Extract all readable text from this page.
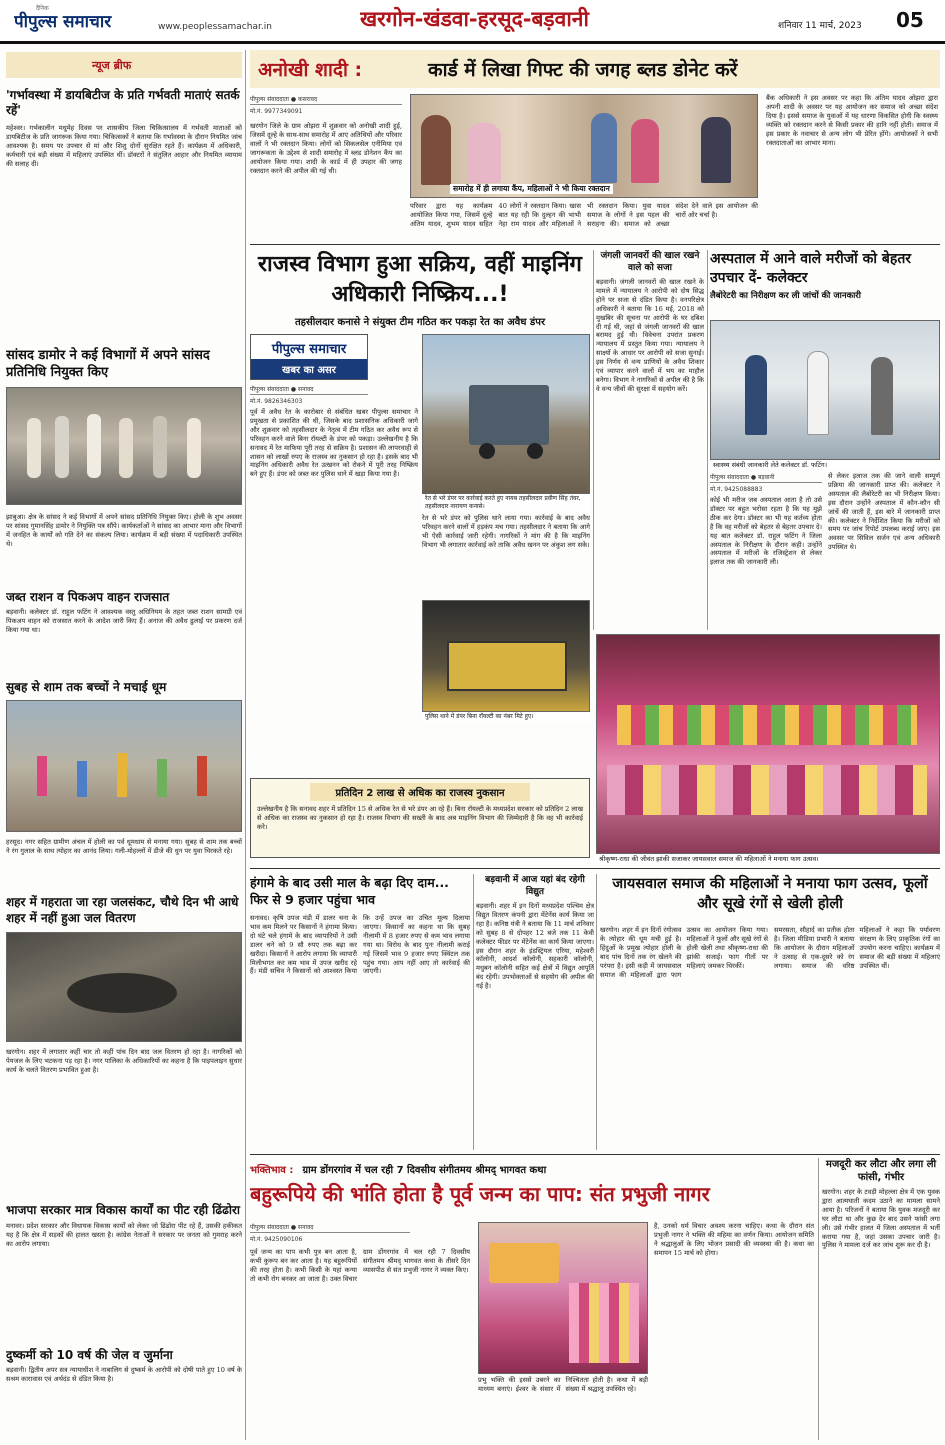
दैनिक
पीपुल्स समाचार	www.peoplessamachar.in	खरगोन-खंडवा-हरसूद-बड़वानी	शनिवार 11 मार्च, 2023 05
न्यूज ब्रीफ
'गर्भावस्था में डायबिटीज के प्रति गर्भवती माताएं सतर्क रहें'
महेश्वर। गर्भकालीन मधुमेह दिवस पर शासकीय जिला चिकित्सालय में गर्भवती माताओं को डायबिटीज के प्रति जागरूक किया गया। चिकित्सकों ने बताया कि गर्भावस्था के दौरान नियमित जांच आवश्यक है। समय पर उपचार से मां और शिशु दोनों सुरक्षित रहते हैं। कार्यक्रम में अधिकारी, कर्मचारी एवं बड़ी संख्या में महिलाएं उपस्थित थीं। डॉक्टरों ने संतुलित आहार और नियमित व्यायाम की सलाह दी।
सांसद डामोर ने कई विभागों में अपने सांसद प्रतिनिधि नियुक्त किए
झाबुआ। क्षेत्र के सांसद ने कई विभागों में अपने सांसद प्रतिनिधि नियुक्त किए। होली के शुभ अवसर पर सांसद गुमानसिंह डामोर ने नियुक्ति पत्र सौंपे। कार्यकर्ताओं ने सांसद का आभार माना और विभागों में जनहित के कार्यों को गति देने का संकल्प लिया। कार्यक्रम में बड़ी संख्या में पदाधिकारी उपस्थित थे।
जब्त राशन व पिकअप वाहन राजसात
बड़वानी। कलेक्टर डॉ. राहुल फटिंग ने आवश्यक वस्तु अधिनियम के तहत जब्त राशन सामग्री एवं पिकअप वाहन को राजसात करने के आदेश जारी किए हैं। अनाज की अवैध ढुलाई पर प्रकरण दर्ज किया गया था।
सुबह से शाम तक बच्चों ने मचाई धूम
हरसूद। नगर सहित ग्रामीण अंचल में होली का पर्व धूमधाम से मनाया गया। सुबह से शाम तक बच्चों ने रंग गुलाल के साथ त्योहार का आनंद लिया। गली-मोहल्लों में डीजे की धुन पर युवा थिरकते रहे।
शहर में गहराता जा रहा जलसंकट, चौथे दिन भी आधे शहर में नहीं हुआ जल वितरण
खरगोन। शहर में लगातार कहीं चार तो कहीं पांच दिन बाद जल वितरण हो रहा है। नागरिकों को पेयजल के लिए भटकना पड़ रहा है। नगर पालिका के अधिकारियों का कहना है कि पाइपलाइन सुधार कार्य के चलते वितरण प्रभावित हुआ है।
भाजपा सरकार मात्र विकास कार्यों का पीट रही ढिंढोरा
मनावर। प्रदेश सरकार और विधायक विकास कार्यों को लेकर जो ढिंढोरा पीट रहे हैं, उसकी हकीकत यह है कि क्षेत्र में सड़कों की हालत खस्ता है। कांग्रेस नेताओं ने सरकार पर जनता को गुमराह करने का आरोप लगाया।
दुष्कर्मी को 10 वर्ष की जेल व जुर्माना
बड़वानी। द्वितीय अपर सत्र न्यायाधीश ने नाबालिग से दुष्कर्म के आरोपी को दोषी पाते हुए 10 वर्ष के सश्रम कारावास एवं अर्थदंड से दंडित किया है।
अनोखी शादी :	कार्ड में लिखा गिफ्ट की जगह ब्लड डोनेट करें
पीपुल्स संवाददाता ● कसरावद
मो.नं. 9977349091
खरगोन जिले के ग्राम ओझरा में शुक्रवार को अनोखी शादी हुई, जिसमें दूल्हे के साथ-साथ समारोह में आए अतिथियों और परिवार वालों ने भी रक्तदान किया। लोगों को सिकलसेल एनीमिया एवं जागरूकता के उद्देश्य से शादी समारोह में ब्लड डोनेशन कैंप का आयोजन किया गया। शादी के कार्ड में ही उपहार की जगह रक्तदान करने की अपील की गई थी।
समारोह में ही लगाया कैंप, महिलाओं ने भी किया रक्तदान
परिवार द्वारा यह कार्यक्रम आयोजित किया गया, जिसमें दूल्हे अंतिम यादव, शुभम यादव सहित 40 लोगों ने रक्तदान किया। खास बात यह रही कि दुल्हन की भाभी नेहा राम यादव और महिलाओं ने भी रक्तदान किया। युवा यादव समाज के लोगों ने इस पहल की सराहना की। समाज को अच्छा संदेश देने वाले इस आयोजन की चारों ओर चर्चा है।
बैंक अधिकारी ने इस अवसर पर कहा कि अंतिम यादव ओझरा द्वारा अपनी शादी के अवसर पर यह आयोजन कर समाज को अच्छा संदेश दिया है। इससे समाज के युवाओं में यह धारणा विकसित होगी कि स्वस्थ्य व्यक्ति को रक्तदान करने से किसी प्रकार की हानि नहीं होती। समाज में इस प्रकार के नवाचार से अन्य लोग भी प्रेरित होंगे। आयोजकों ने सभी रक्तदाताओं का आभार माना।
राजस्व विभाग हुआ सक्रिय, वहीं माइनिंग अधिकारी निष्क्रिय...!
तहसीलदार कनासे ने संयुक्त टीम गठित कर पकड़ा रेत का अवैध डंपर
पीपुल्स समाचार
खबर का असर
पीपुल्स संवाददाता ● सनावद
मो.नं. 9826346303
पूर्व में अवैध रेत के कारोबार से संबंधित खबर पीपुल्स समाचार ने प्रमुखता से प्रकाशित की थी, जिसके बाद प्रशासनिक अधिकारी जागे और शुक्रवार को तहसीलदार के नेतृत्व में टीम गठित कर अवैध रूप से परिवहन करने वाले बिना रॉयल्टी के डंपर को पकड़ा। उल्लेखनीय है कि सनावद में रेत माफिया पूरी तरह से सक्रिय है। प्रशासन की लापरवाही से शासन को लाखों रुपए के राजस्व का नुकसान हो रहा है। इसके बाद भी माइनिंग अधिकारी अवैध रेत उत्खनन को रोकने में पूरी तरह निष्क्रिय बने हुए हैं। डंपर को जब्त कर पुलिस थाने में खड़ा किया गया है।
रेत से भरे डंपर पर कार्रवाई करते हुए नायब तहसीलदार प्रवीण सिंह तंवर, तहसीलदार नारायण कनासे।
रेत से भरे डंपर को पुलिस थाने लाया गया। कार्रवाई के बाद अवैध परिवहन करने वालों में हड़कंप मच गया। तहसीलदार ने बताया कि आगे भी ऐसी कार्रवाई जारी रहेगी। नागरिकों ने मांग की है कि माइनिंग विभाग भी लगातार कार्रवाई करे ताकि अवैध खनन पर अंकुश लग सके।
पुलिस थाने में डंपर बिना रॉयल्टी का नंबर मिटे हुए।
प्रतिदिन 2 लाख से अधिक का राजस्व नुकसान
उल्लेखनीय है कि सनावद शहर में प्रतिदिन 15 से अधिक रेत से भरे डंपर आ रहे हैं। बिना रॉयल्टी के मध्यप्रदेश सरकार को प्रतिदिन 2 लाख से अधिक का राजस्व का नुकसान हो रहा है। राजस्व विभाग की सख्ती के बाद अब माइनिंग विभाग की जिम्मेदारी है कि वह भी कार्रवाई करे।
जंगली जानवरों की खाल रखने वाले को सजा
बड़वानी। जंगली जानवरों की खाल रखने के मामले में न्यायालय ने आरोपी को दोष सिद्ध होने पर सजा से दंडित किया है। वनपरिक्षेत्र अधिकारी ने बताया कि 16 मई, 2018 को मुखबिर की सूचना पर आरोपी के घर दबिश दी गई थी, जहां से जंगली जानवरों की खाल बरामद हुई थी। विवेचना उपरांत प्रकरण न्यायालय में प्रस्तुत किया गया। न्यायालय ने साक्ष्यों के आधार पर आरोपी को सजा सुनाई। इस निर्णय से वन्य प्राणियों के अवैध शिकार एवं व्यापार करने वालों में भय का माहौल बनेगा। विभाग ने नागरिकों से अपील की है कि वे वन्य जीवों की सुरक्षा में सहयोग करें।
अस्पताल में आने वाले मरीजों को बेहतर उपचार दें- कलेक्टर
लैबोरेटरी का निरीक्षण कर ली जांचों की जानकारी
स्वास्थ्य संबंधी जानकारी लेते कलेक्टर डॉ. फटिंग।
पीपुल्स संवाददाता ● बड़वानी
मो.नं. 9425088883
कोई भी मरीज जब अस्पताल आता है तो उसे डॉक्टर पर बहुत भरोसा रहता है कि यह मुझे ठीक कर देगा। डॉक्टर का भी यह कर्तव्य होता है कि वह मरीजों को बेहतर से बेहतर उपचार दे। यह बात कलेक्टर डॉ. राहुल फटिंग ने जिला अस्पताल के निरीक्षण के दौरान कही। उन्होंने अस्पताल में मरीजों के रजिस्ट्रेशन से लेकर इलाज तक की जानकारी ली।
से लेकर इलाज तक की जाने वाली सम्पूर्ण प्रक्रिया की जानकारी प्राप्त की। कलेक्टर ने अस्पताल की लैबोरेटरी का भी निरीक्षण किया। इस दौरान उन्होंने अस्पताल में कौन-कौन सी जांचें की जाती हैं, इस बारे में जानकारी प्राप्त की। कलेक्टर ने निर्देशित किया कि मरीजों को समय पर जांच रिपोर्ट उपलब्ध कराई जाए। इस अवसर पर सिविल सर्जन एवं अन्य अधिकारी उपस्थित थे।
श्रीकृष्ण-राधा की जीवंत झांकी सजाकर जायसवाल समाज की महिलाओं ने मनाया फाग उत्सव।
हंगामे के बाद उसी माल के बढ़ा दिए दाम... फिर से 9 हजार पहुंचा भाव
सनावद। कृषि उपज मंडी में डालर चना के भाव कम मिलने पर किसानों ने हंगामा किया। दो घंटे चले हंगामे के बाद व्यापारियों ने उसी डालर चने को 9 सौ रुपए तक बढ़ा कर खरीदा। किसानों ने आरोप लगाया कि व्यापारी मिलीभगत कर कम भाव में उपज खरीद रहे हैं। मंडी सचिव ने किसानों को आश्वस्त किया कि उन्हें उपज का उचित मूल्य दिलाया जाएगा। किसानों का कहना था कि सुबह नीलामी में 8 हजार रुपए से कम भाव लगाया गया था। विरोध के बाद पुनः नीलामी कराई गई जिसमें भाव 9 हजार रुपए क्विंटल तक पहुंच गया। आप नहीं आए तो कार्रवाई की जाएगी।
बड़वानी में आज यहां बंद रहेगी विद्युत
बड़वानी। शहर में इन दिनों मध्यप्रदेश पश्चिम क्षेत्र विद्युत वितरण कंपनी द्वारा मेंटेनेंस कार्य किया जा रहा है। कनिष्ठ यंत्री ने बताया कि 11 मार्च शनिवार को सुबह 8 से दोपहर 12 बजे तक 11 केवी कलेक्टर फीडर पर मेंटेनेंस का कार्य किया जाएगा। इस दौरान शहर के इंडस्ट्रियल एरिया, महेश्वरी कॉलोनी, आदर्श कॉलोनी, सहकारी कॉलोनी, मधुबन कॉलोनी सहित कई क्षेत्रों में विद्युत आपूर्ति बंद रहेगी। उपभोक्ताओं से सहयोग की अपील की गई है।
जायसवाल समाज की महिलाओं ने मनाया फाग उत्सव, फूलों और सूखे रंगों से खेली होली
खरगोन। शहर में इन दिनों रंगोत्सव के त्योहार की धूम मची हुई है। हिंदुओं के प्रमुख त्योहार होली के बाद पांच दिनों तक रंग खेलने की परंपरा है। इसी कड़ी में जायसवाल समाज की महिलाओं द्वारा फाग उत्सव का आयोजन किया गया। महिलाओं ने फूलों और सूखे रंगों से होली खेली तथा श्रीकृष्ण-राधा की झांकी सजाई। फाग गीतों पर महिलाएं जमकर थिरकीं।
समरसता, सौहार्द का प्रतीक होता है। जिला मीडिया प्रभारी ने बताया कि आयोजन के दौरान महिलाओं ने उत्साह से एक-दूसरे को रंग लगाया। समाज की वरिष्ठ महिलाओं ने कहा कि पर्यावरण संरक्षण के लिए प्राकृतिक रंगों का उपयोग करना चाहिए। कार्यक्रम में समाज की बड़ी संख्या में महिलाएं उपस्थित थीं।
भक्तिभाव : ग्राम डोंगरगांव में चल रही 7 दिवसीय संगीतमय श्रीमद् भागवत कथा
बहुरूपिये की भांति होता है पूर्व जन्म का पाप: संत प्रभुजी नागर
पीपुल्स संवाददाता ● सनावद
मो.नं. 9425090106
पूर्व जन्म का पाप कभी पुत्र बन आता है, कभी कुरूप बन कर आता है। यह बहुरूपियों की तरह होता है। कभी किसी के यहां कन्या तो कभी रोग बनकर आ जाता है। उक्त विचार ग्राम डोंगरगांव में चल रही 7 दिवसीय संगीतमय श्रीमद् भागवत कथा के तीसरे दिन व्यासपीठ से संत प्रभुजी नागर ने व्यक्त किए।
प्रभु भक्ति की इससे उबरने का माध्यम बनाएं। ईश्वर के संसार में निश्चितता होती है। कथा में बड़ी संख्या में श्रद्धालु उपस्थित रहे।
है, उनको धर्म विचार अवश्य करना चाहिए। कथा के दौरान संत प्रभुजी नागर ने भक्ति की महिमा का वर्णन किया। आयोजन समिति ने श्रद्धालुओं के लिए भोजन प्रसादी की व्यवस्था की है। कथा का समापन 15 मार्च को होगा।
मजदूरी कर लौटा और लगा ली फांसी, गंभीर
खरगोन। शहर के टवड़ी मोहल्ला क्षेत्र में एक युवक द्वारा आत्मघाती कदम उठाने का मामला सामने आया है। परिजनों ने बताया कि युवक मजदूरी कर घर लौटा था और कुछ देर बाद उसने फांसी लगा ली। उसे गंभीर हालत में जिला अस्पताल में भर्ती कराया गया है, जहां उसका उपचार जारी है। पुलिस ने मामला दर्ज कर जांच शुरू कर दी है।
